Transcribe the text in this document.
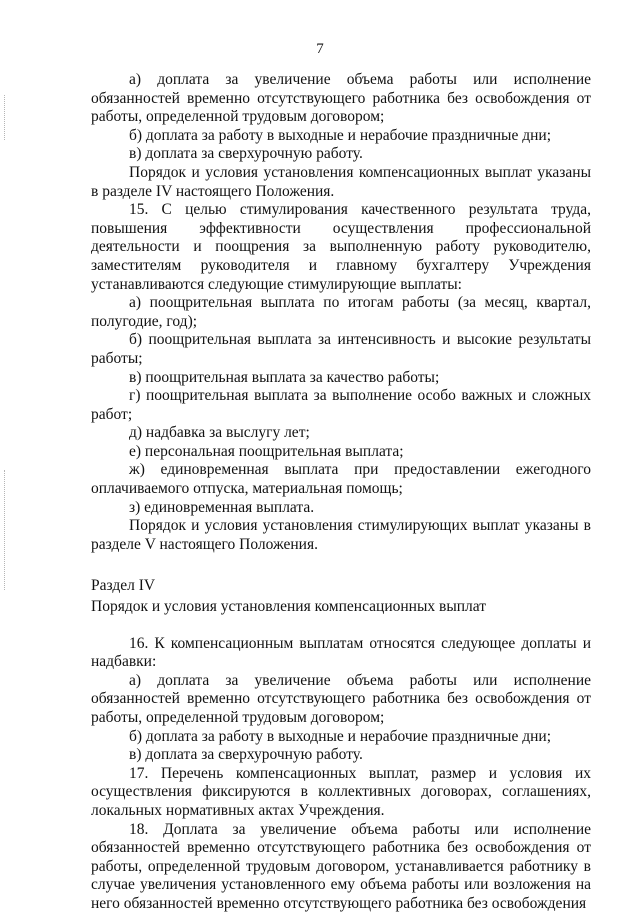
7

а) доплата за увеличение объема работы или исполнение обязанностей временно отсутствующего работника без освобождения от работы, определенной трудовым договором;

б) доплата за работу в выходные и нерабочие праздничные дни;

в) доплата за сверхурочную работу.

Порядок и условия установления компенсационных выплат указаны в разделе IV настоящего Положения.

15. С целью стимулирования качественного результата труда, повышения эффективности осуществления профессиональной деятельности и поощрения за выполненную работу руководителю, заместителям руководителя и главному бухгалтеру Учреждения устанавливаются следующие стимулирующие выплаты:

а) поощрительная выплата по итогам работы (за месяц, квартал, полугодие, год);

б) поощрительная выплата за интенсивность и высокие результаты работы;

в) поощрительная выплата за качество работы;

г) поощрительная выплата за выполнение особо важных и сложных работ;

д) надбавка за выслугу лет;

е) персональная поощрительная выплата;

ж) единовременная выплата при предоставлении ежегодного оплачиваемого отпуска, материальная помощь;

з) единовременная выплата.

Порядок и условия установления стимулирующих выплат указаны в разделе V настоящего Положения.

Раздел IV

Порядок и условия установления компенсационных выплат

16. К компенсационным выплатам относятся следующее доплаты и надбавки:

а) доплата за увеличение объема работы или исполнение обязанностей временно отсутствующего работника без освобождения от работы, определенной трудовым договором;

б) доплата за работу в выходные и нерабочие праздничные дни;

в) доплата за сверхурочную работу.

17. Перечень компенсационных выплат, размер и условия их осуществления фиксируются в коллективных договорах, соглашениях, локальных нормативных актах Учреждения.

18. Доплата за увеличение объема работы или исполнение обязанностей временно отсутствующего работника без освобождения от работы, определенной трудовым договором, устанавливается работнику в случае увеличения установленного ему объема работы или возложения на него обязанностей временно отсутствующего работника без освобождения
